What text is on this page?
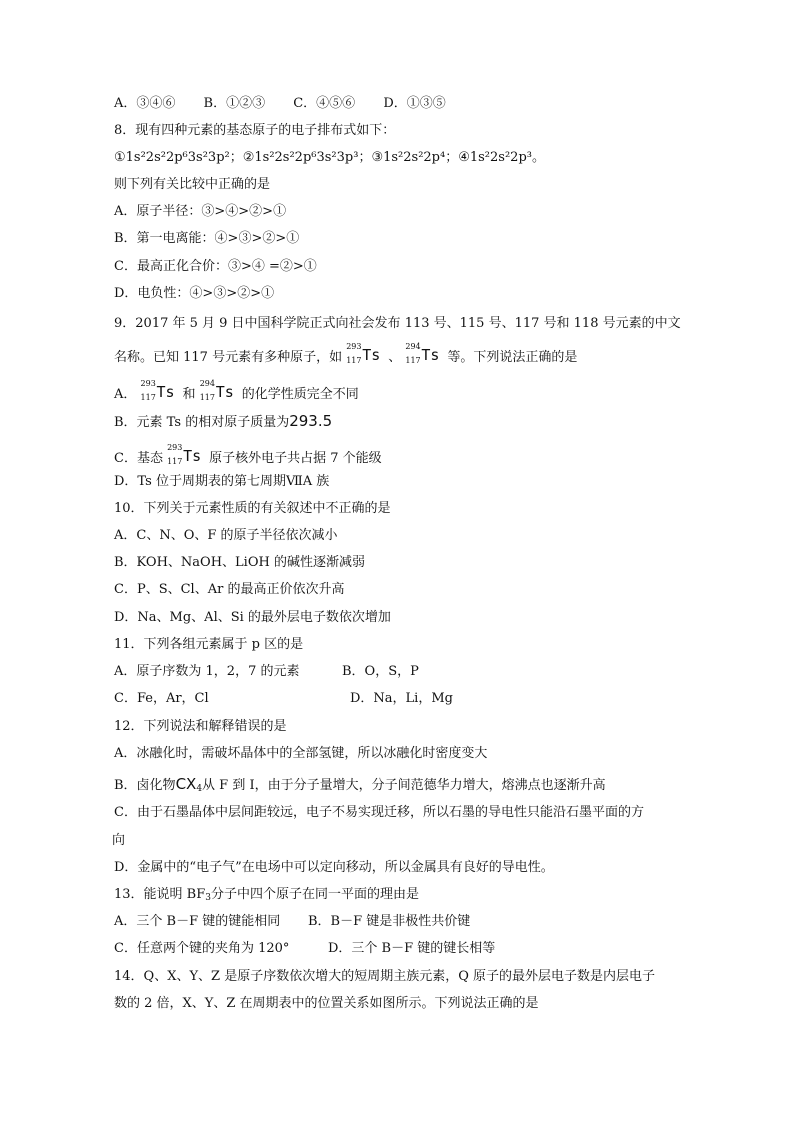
A．③④⑥ B．①②③ C．④⑤⑥ D．①③⑤
8．现有四种元素的基态原子的电子排布式如下：
①1s²2s²2p⁶3s²3p²；②1s²2s²2p⁶3s²3p³；③1s²2s²2p⁴；④1s²2s²2p³。
则下列有关比较中正确的是
A．原子半径：③>④>②>①
B．第一电离能：④>③>②>①
C．最高正化合价：③>④ =②>①
D．电负性：④>③>②>①
9．2017 年 5 月 9 日中国科学院正式向社会发布 113 号、115 号、117 号和 118 号元素的中文
名称。已知 117 号元素有多种原子，如
293
117 Ts 、
294
117 Ts 等。下列说法正确的是
A．
293
117 Ts 和
294
117 Ts 的化学性质完全不同
B．元素 Ts 的相对原子质量为293.5
C．基态
293
117 Ts 原子核外电子共占据 7 个能级
D．Ts 位于周期表的第七周期ⅦA 族
10．下列关于元素性质的有关叙述中不正确的是
A．C、N、O、F 的原子半径依次减小
B．KOH、NaOH、LiOH 的碱性逐渐减弱
C．P、S、Cl、Ar 的最高正价依次升高
D．Na、Mg、Al、Si 的最外层电子数依次增加
11．下列各组元素属于 p 区的是
A．原子序数为 1，2，7 的元素	B．O，S，P
C．Fe，Ar，Cl	D．Na，Li，Mg
12．下列说法和解释错误的是
A．冰融化时，需破坏晶体中的全部氢键，所以冰融化时密度变大
B．卤化物$CX_4$从 F 到 I，由于分子量增大，分子间范德华力增大，熔沸点也逐渐升高
C．由于石墨晶体中层间距较远，电子不易实现迁移，所以石墨的导电性只能沿石墨平面的方
向
D．金属中的“电子气”在电场中可以定向移动，所以金属具有良好的导电性。
13．能说明 $BF_3$分子中四个原子在同一平面的理由是
A．三个 B－F 键的键能相同 B．B－F 键是非极性共价键
C．任意两个键的夹角为 120°	D．三个 B－F 键的键长相等
14．Q、X、Y、Z 是原子序数依次增大的短周期主族元素，Q 原子的最外层电子数是内层电子
数的 2 倍，X、Y、Z 在周期表中的位置关系如图所示。下列说法正确的是
